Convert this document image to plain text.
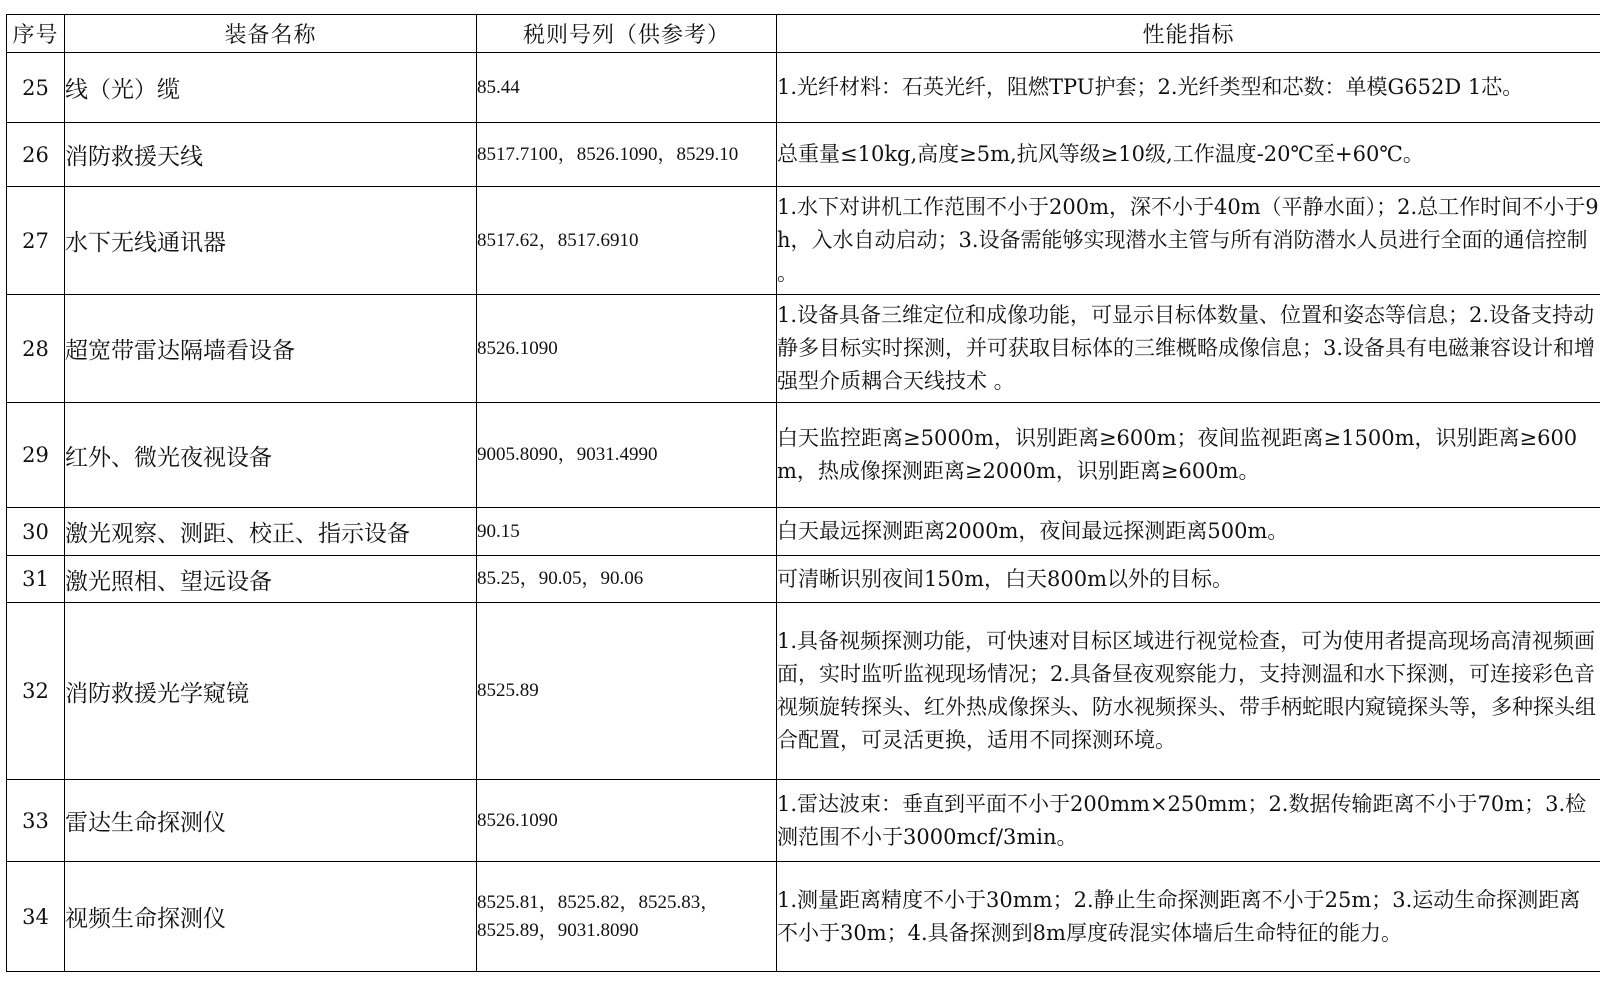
序号	装备名称	税则号列（供参考）	性能指标
25	线（光）缆	85.44	1.光纤材料：石英光纤，阻燃TPU护套；2.光纤类型和芯数：单模G652D 1芯。
26	消防救援天线	8517.7100，8526.1090，8529.10	总重量≤10kg,高度≥5m,抗风等级≥10级,工作温度-20℃至+60℃。
27	水下无线通讯器	8517.62，8517.6910	1.水下对讲机工作范围不小于200m，深不小于40m（平静水面）；2.总工作时间不小于9h，入水自动启动；3.设备需能够实现潜水主管与所有消防潜水人员进行全面的通信控制 。
28	超宽带雷达隔墙看设备	8526.1090	1.设备具备三维定位和成像功能，可显示目标体数量、位置和姿态等信息；2.设备支持动静多目标实时探测，并可获取目标体的三维概略成像信息；3.设备具有电磁兼容设计和增强型介质耦合天线技术 。
29	红外、微光夜视设备	9005.8090，9031.4990	白天监控距离≥5000m，识别距离≥600m；夜间监视距离≥1500m，识别距离≥600m，热成像探测距离≥2000m，识别距离≥600m。
30	激光观察、测距、校正、指示设备	90.15	白天最远探测距离2000m，夜间最远探测距离500m。
31	激光照相、望远设备	85.25，90.05，90.06	可清晰识别夜间150m，白天800m以外的目标。
32	消防救援光学窥镜	8525.89	1.具备视频探测功能，可快速对目标区域进行视觉检查，可为使用者提高现场高清视频画面，实时监听监视现场情况；2.具备昼夜观察能力，支持测温和水下探测，可连接彩色音视频旋转探头、红外热成像探头、防水视频探头、带手柄蛇眼内窥镜探头等，多种探头组合配置，可灵活更换，适用不同探测环境。
33	雷达生命探测仪	8526.1090	1.雷达波束：垂直到平面不小于200mm×250mm；2.数据传输距离不小于70m；3.检测范围不小于3000mcf/3min。
34	视频生命探测仪	8525.81，8525.82，8525.83，8525.89，9031.8090	1.测量距离精度不小于30mm；2.静止生命探测距离不小于25m；3.运动生命探测距离不小于30m；4.具备探测到8m厚度砖混实体墙后生命特征的能力。
